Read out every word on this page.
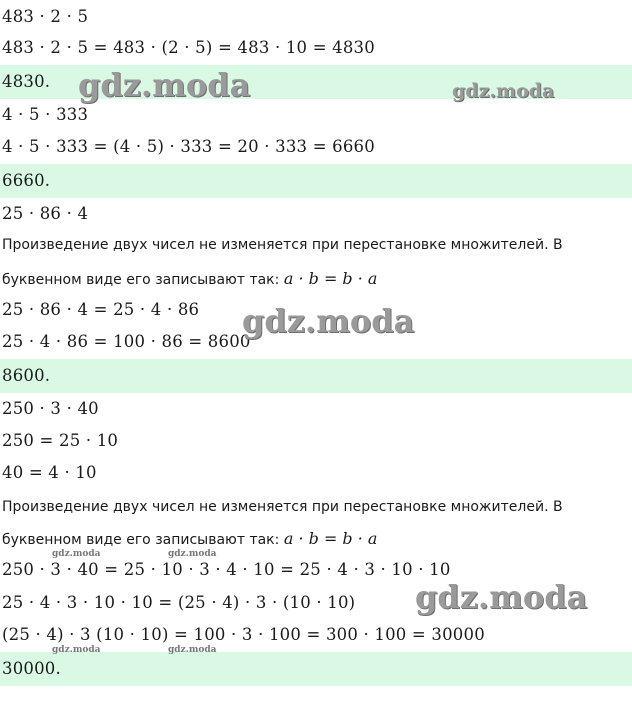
483 · 2 · 5
483 · 2 · 5 = 483 · (2 · 5) = 483 · 10 = 4830
4830.
4 · 5 · 333
4 · 5 · 333 = (4 · 5) · 333 = 20 · 333 = 6660
6660.
25 · 86 · 4
Произведение двух чисел не изменяется при перестановке множителей. В
буквенном виде его записывают так: a · b = b · a
25 · 86 · 4 = 25 · 4 · 86
25 · 4 · 86 = 100 · 86 = 8600
8600.
250 · 3 · 40
250 = 25 · 10
40 = 4 · 10
Произведение двух чисел не изменяется при перестановке множителей. В
буквенном виде его записывают так: a · b = b · a
250 · 3 · 40 = 25 · 10 · 3 · 4 · 10 = 25 · 4 · 3 · 10 · 10
25 · 4 · 3 · 10 · 10 = (25 · 4) · 3 · (10 · 10)
(25 · 4) · 3 (10 · 10) = 100 · 3 · 100 = 300 · 100 = 30000
30000.
gdz.moda	gdz.moda
gdz.moda
gdz.moda
gdz.moda	gdz.moda
gdz.moda	gdz.moda
